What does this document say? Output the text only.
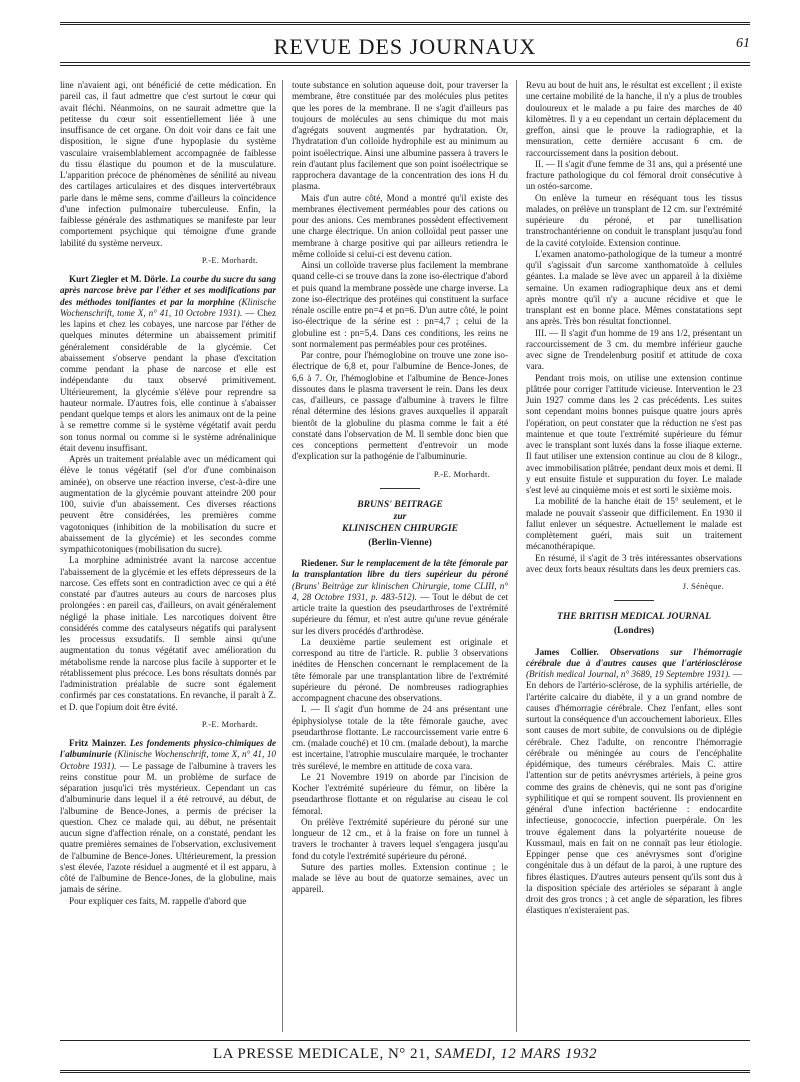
REVUE DES JOURNAUX	61

line n'avaient agi, ont bénéficié de cette médication. En pareil cas, il faut admettre que c'est surtout le cœur qui avait fléchi. Néanmoins, on ne saurait admettre que la petitesse du cœur soit essentiellement liée à une insuffisance de cet organe. On doit voir dans ce fait une disposition, le signe d'une hypoplasie du système vasculaire vraisemblablement accompagnée de faiblesse du tissu élastique du poumon et de la musculature. L'apparition précoce de phénomènes de sénilité au niveau des cartilages articulaires et des disques intervertébraux parle dans le même sens, comme d'ailleurs la coïncidence d'une infection pulmonaire tuberculeuse. Enfin, la faiblesse générale des asthmatiques se manifeste par leur comportement psychique qui témoigne d'une grande labilité du système nerveux.

P.-E. Morhardt.

Kurt Ziegler et M. Dörle. La courbe du sucre du sang après narcose brève par l'éther et ses modifications par des méthodes tonifiantes et par la morphine (Klinische Wochenschrift, tome X, n° 41, 10 Octobre 1931). — Chez les lapins et chez les cobayes, une narcose par l'éther de quelques minutes détermine un abaissement primitif généralement considérable de la glycémie. Cet abaissement s'observe pendant la phase d'excitation comme pendant la phase de narcose et elle est indépendante du taux observé primitivement. Ultérieurement, la glycémie s'élève pour reprendre sa hauteur normale. D'autres fois, elle continue à s'abaisser pendant quelque temps et alors les animaux ont de la peine à se remettre comme si le système végétatif avait perdu son tonus normal ou comme si le système adrénalinique était devenu insuffisant.

Après un traitement préalable avec un médicament qui élève le tonus végétatif (sel d'or d'une combinaison aminée), on observe une réaction inverse, c'est-à-dire une augmentation de la glycémie pouvant atteindre 200 pour 100, suivie d'un abaissement. Ces diverses réactions peuvent être considérées, les premières comme vagotoniques (inhibition de la mobilisation du sucre et abaissement de la glycémie) et les secondes comme sympathicotoniques (mobilisation du sucre).

La morphine administrée avant la narcose accentue l'abaissement de la glycémie et les effets dépresseurs de la narcose. Ces effets sont en contradiction avec ce qui a été constaté par d'autres auteurs au cours de narcoses plus prolongées : en pareil cas, d'ailleurs, on avait généralement négligé la phase initiale. Les narcotiques doivent être considérés comme des catalyseurs négatifs qui paralysent les processus exsudatifs. Il semble ainsi qu'une augmentation du tonus végétatif avec amélioration du métabolisme rende la narcose plus facile à supporter et le rétablissement plus précoce. Les bons résultats donnés par l'administration préalable de sucre sont également confirmés par ces constatations. En revanche, il paraît à Z. et D. que l'opium doit être évité.

P.-E. Morhardt.

Fritz Mainzer. Les fondements physico-chimiques de l'albuminurie (Klinische Wochenschrift, tome X, n° 41, 10 Octobre 1931). — Le passage de l'albumine à travers les reins constitue pour M. un problème de surface de séparation jusqu'ici très mystérieux. Cependant un cas d'albuminurie dans lequel il a été retrouvé, au début, de l'albumine de Bence-Jones, a permis de préciser la question. Chez ce malade qui, au début, ne présentait aucun signe d'affection rénale, on a constaté, pendant les quatre premières semaines de l'observation, exclusivement de l'albumine de Bence-Jones. Ultérieurement, la pression s'est élevée, l'azote résiduel a augmenté et il est apparu, à côté de l'albumine de Bence-Jones, de la globuline, mais jamais de sérine.

Pour expliquer ces faits, M. rappelle d'abord que

toute substance en solution aqueuse doit, pour traverser la membrane, être constituée par des molécules plus petites que les pores de la membrane. Il ne s'agit d'ailleurs pas toujours de molécules au sens chimique du mot mais d'agrégats souvent augmentés par hydratation. Or, l'hydratation d'un colloïde hydrophile est au minimum au point isoélectrique. Ainsi une albumine passera à travers le rein d'autant plus facilement que son point isoélectrique se rapprochera davantage de la concentration des ions H du plasma.

Mais d'un autre côté, Mond a montré qu'il existe des membranes électivement perméables pour des cations ou pour des anions. Ces membranes possèdent effectivement une charge électrique. Un anion colloïdal peut passer une membrane à charge positive qui par ailleurs retiendra le même colloïde si celui-ci est devenu cation.

Ainsi un colloïde traverse plus facilement la membrane quand celle-ci se trouve dans la zone iso-électrique d'abord et puis quand la membrane possède une charge inverse. La zone iso-électrique des protéines qui constituent la surface rénale oscille entre pn=4 et pn=6. D'un autre côté, le point iso-électrique de la sérine est : pn=4,7 ; celui de la globuline est : pn=5,4. Dans ces conditions, les reins ne sont normalement pas perméables pour ces protéines.

Par contre, pour l'hémoglobine on trouve une zone iso-électrique de 6,8 et, pour l'albumine de Bence-Jones, de 6,6 à 7. Or, l'hémoglobine et l'albumine de Bence-Jones dissoutes dans le plasma traversent le rein. Dans les deux cas, d'ailleurs, ce passage d'albumine à travers le filtre rénal détermine des lésions graves auxquelles il apparaît bientôt de la globuline du plasma comme le fait a été constaté dans l'observation de M. Il semble donc bien que ces conceptions permettent d'entrevoir un mode d'explication sur la pathogénie de l'albuminurie.

P.-E. Morhardt.
BRUNS' BEITRAGE
zur
KLINISCHEN CHIRURGIE
(Berlin-Vienne)

Riedener. Sur le remplacement de la tête fémorale par la transplantation libre du tiers supérieur du péroné (Bruns' Beiträge zur klinischen Chirurgie, tome CLIII, n° 4, 28 Octobre 1931, p. 483-512). — Tout le début de cet article traite la question des pseudarthroses de l'extrémité supérieure du fémur, et n'est autre qu'une revue générale sur les divers procédés d'arthrodèse.

La deuxième partie seulement est originale et correspond au titre de l'article. R. publie 3 observations inédites de Henschen concernant le remplacement de la tête fémorale par une transplantation libre de l'extrémité supérieure du péroné. De nombreuses radiographies accompagnent chacune des observations.

I. — Il s'agit d'un homme de 24 ans présentant une épiphysiolyse totale de la tête fémorale gauche, avec pseudarthrose flottante. Le raccourcissement varie entre 6 cm. (malade couché) et 10 cm. (malade debout), la marche est incertaine, l'atrophie musculaire marquée, le trochanter très surélevé, le membre en attitude de coxa vara.

Le 21 Novembre 1919 on aborde par l'incision de Kocher l'extrémité supérieure du fémur, on libère la pseudarthrose flottante et on régularise au ciseau le col fémoral.

On prélève l'extrémité supérieure du péroné sur une longueur de 12 cm., et à la fraise on fore un tunnel à travers le trochanter à travers lequel s'engagera jusqu'au fond du cotyle l'extrémité supérieure du péroné.

Suture des parties molles. Extension continue ; le malade se lève au bout de quatorze semaines, avec un appareil.

Revu au bout de huit ans, le résultat est excellent ; il existe une certaine mobilité de la hanche, il n'y a plus de troubles douloureux et le malade a pu faire des marches de 40 kilomètres. Il y a eu cependant un certain déplacement du greffon, ainsi que le prouve la radiographie, et la mensuration, cette dernière accusant 6 cm. de raccourcissement dans la position debout.

II. — Il s'agit d'une femme de 31 ans, qui a présenté une fracture pathologique du col fémoral droit consécutive à un ostéo-sarcome.

On enlève la tumeur en réséquant tous les tissus malades, on prélève un transplant de 12 cm. sur l'extrémité supérieure du péroné, et par tunellisation transtrochantérienne on conduit le transplant jusqu'au fond de la cavité cotyloïde. Extension continue.

L'examen anatomo-pathologique de la tumeur a montré qu'il s'agissait d'un sarcome xanthomatoïde à cellules géantes. La malade se lève avec un appareil à la dixième semaine. Un examen radiographique deux ans et demi après montre qu'il n'y a aucune récidive et que le transplant est en bonne place. Mêmes constatations sept ans après. Très bon résultat fonctionnel.

III. — Il s'agit d'un homme de 19 ans 1/2, présentant un raccourcissement de 3 cm. du membre inférieur gauche avec signe de Trendelenburg positif et attitude de coxa vara.

Pendant trois mois, on utilise une extension continue plâtrée pour corriger l'attitude vicieuse. Intervention le 23 Juin 1927 comme dans les 2 cas précédents. Les suites sont cependant moins bonnes puisque quatre jours après l'opération, on peut constater que la réduction ne s'est pas maintenue et que toute l'extrémité supérieure du fémur avec le transplant sont luxés dans la fosse iliaque externe. Il faut utiliser une extension continue au clou de 8 kilogr., avec immobilisation plâtrée, pendant deux mois et demi. Il y eut ensuite fistule et suppuration du foyer. Le malade s'est levé au cinquième mois et est sorti le sixième mois.

La mobilité de la hanche était de 15° seulement, et le malade ne pouvait s'asseoir que difficilement. En 1930 il fallut enlever un séquestre. Actuellement le malade est complètement guéri, mais suit un traitement mécanothérapique.

En résumé, il s'agit de 3 très intéressantes observations avec deux forts beaux résultats dans les deux premiers cas.

J. Sénèque.
THE BRITISH MEDICAL JOURNAL
(Londres)

James Collier. Observations sur l'hémorragie cérébrale due à d'autres causes que l'artériosclérose (British medical Journal, n° 3689, 19 Septembre 1931). — En dehors de l'artério-sclérose, de la syphilis artérielle, de l'artérite calcaire du diabète, il y a un grand nombre de causes d'hémorragie cérébrale. Chez l'enfant, elles sont surtout la conséquence d'un accouchement laborieux. Elles sont causes de mort subite, de convulsions ou de diplégie cérébrale. Chez l'adulte, on rencontre l'hémorragie cérébrale ou méningée au cours de l'encéphalite épidémique, des tumeurs cérébrales. Mais C. attire l'attention sur de petits anévrysmes artériels, à peine gros comme des grains de chènevis, qui ne sont pas d'origine syphilitique et qui se rompent souvent. Ils proviennent en général d'une infection bactérienne : endocardite infectieuse, gonococcie, infection puerpérale. On les trouve également dans la polyartérite noueuse de Kussmaul, mais en fait on ne connaît pas leur étiologie. Eppinger pense que ces anévrysmes sont d'origine congénitale dus à un défaut de la paroi, à une rupture des fibres élastiques. D'autres auteurs pensent qu'ils sont dus à la disposition spéciale des artérioles se séparant à angle droit des gros troncs ; à cet angle de séparation, les fibres élastiques n'existeraient pas.

LA PRESSE MEDICALE, N° 21, SAMEDI, 12 MARS 1932
